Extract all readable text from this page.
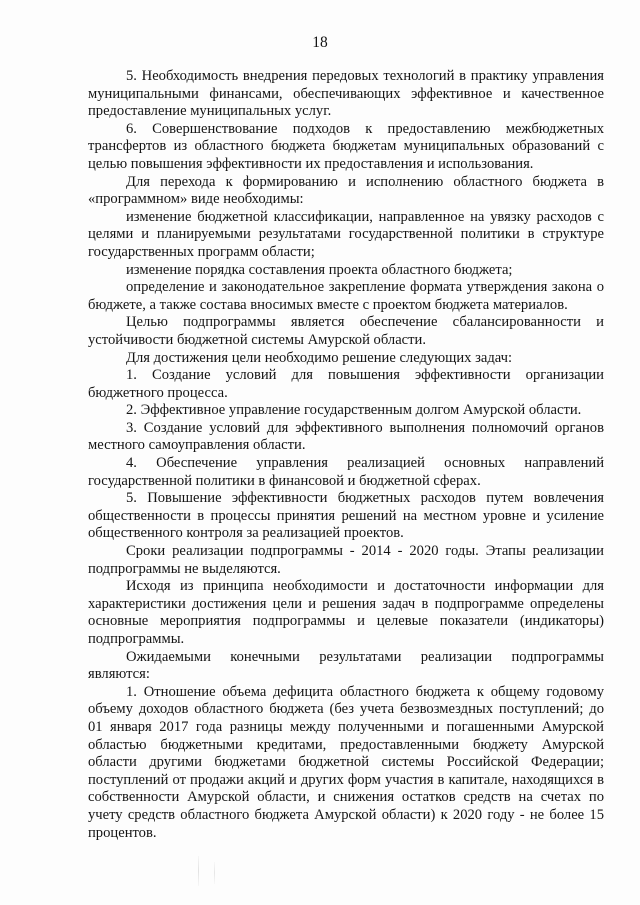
18

5. Необходимость внедрения передовых технологий в практику управления муниципальными финансами, обеспечивающих эффективное и качественное предоставление муниципальных услуг.

6. Совершенствование подходов к предоставлению межбюджетных трансфертов из областного бюджета бюджетам муниципальных образований с целью повышения эффективности их предоставления и использования.

Для перехода к формированию и исполнению областного бюджета в «программном» виде необходимы:

изменение бюджетной классификации, направленное на увязку расходов с целями и планируемыми результатами государственной политики в структуре государственных программ области;

изменение порядка составления проекта областного бюджета;

определение и законодательное закрепление формата утверждения закона о бюджете, а также состава вносимых вместе с проектом бюджета материалов.

Целью подпрограммы является обеспечение сбалансированности и устойчивости бюджетной системы Амурской области.

Для достижения цели необходимо решение следующих задач:

1. Создание условий для повышения эффективности организации бюджетного процесса.

2. Эффективное управление государственным долгом Амурской области.

3. Создание условий для эффективного выполнения полномочий органов местного самоуправления области.

4. Обеспечение управления реализацией основных направлений государственной политики в финансовой и бюджетной сферах.

5. Повышение эффективности бюджетных расходов путем вовлечения общественности в процессы принятия решений на местном уровне и усиление общественного контроля за реализацией проектов.

Сроки реализации подпрограммы - 2014 - 2020 годы. Этапы реализации подпрограммы не выделяются.

Исходя из принципа необходимости и достаточности информации для характеристики достижения цели и решения задач в подпрограмме определены основные мероприятия подпрограммы и целевые показатели (индикаторы) подпрограммы.

Ожидаемыми конечными результатами реализации подпрограммы являются:

1. Отношение объема дефицита областного бюджета к общему годовому объему доходов областного бюджета (без учета безвозмездных поступлений; до 01 января 2017 года разницы между полученными и погашенными Амурской областью бюджетными кредитами, предоставленными бюджету Амурской области другими бюджетами бюджетной системы Российской Федерации; поступлений от продажи акций и других форм участия в капитале, находящихся в собственности Амурской области, и снижения остатков средств на счетах по учету средств областного бюджета Амурской области) к 2020 году - не более 15 процентов.
